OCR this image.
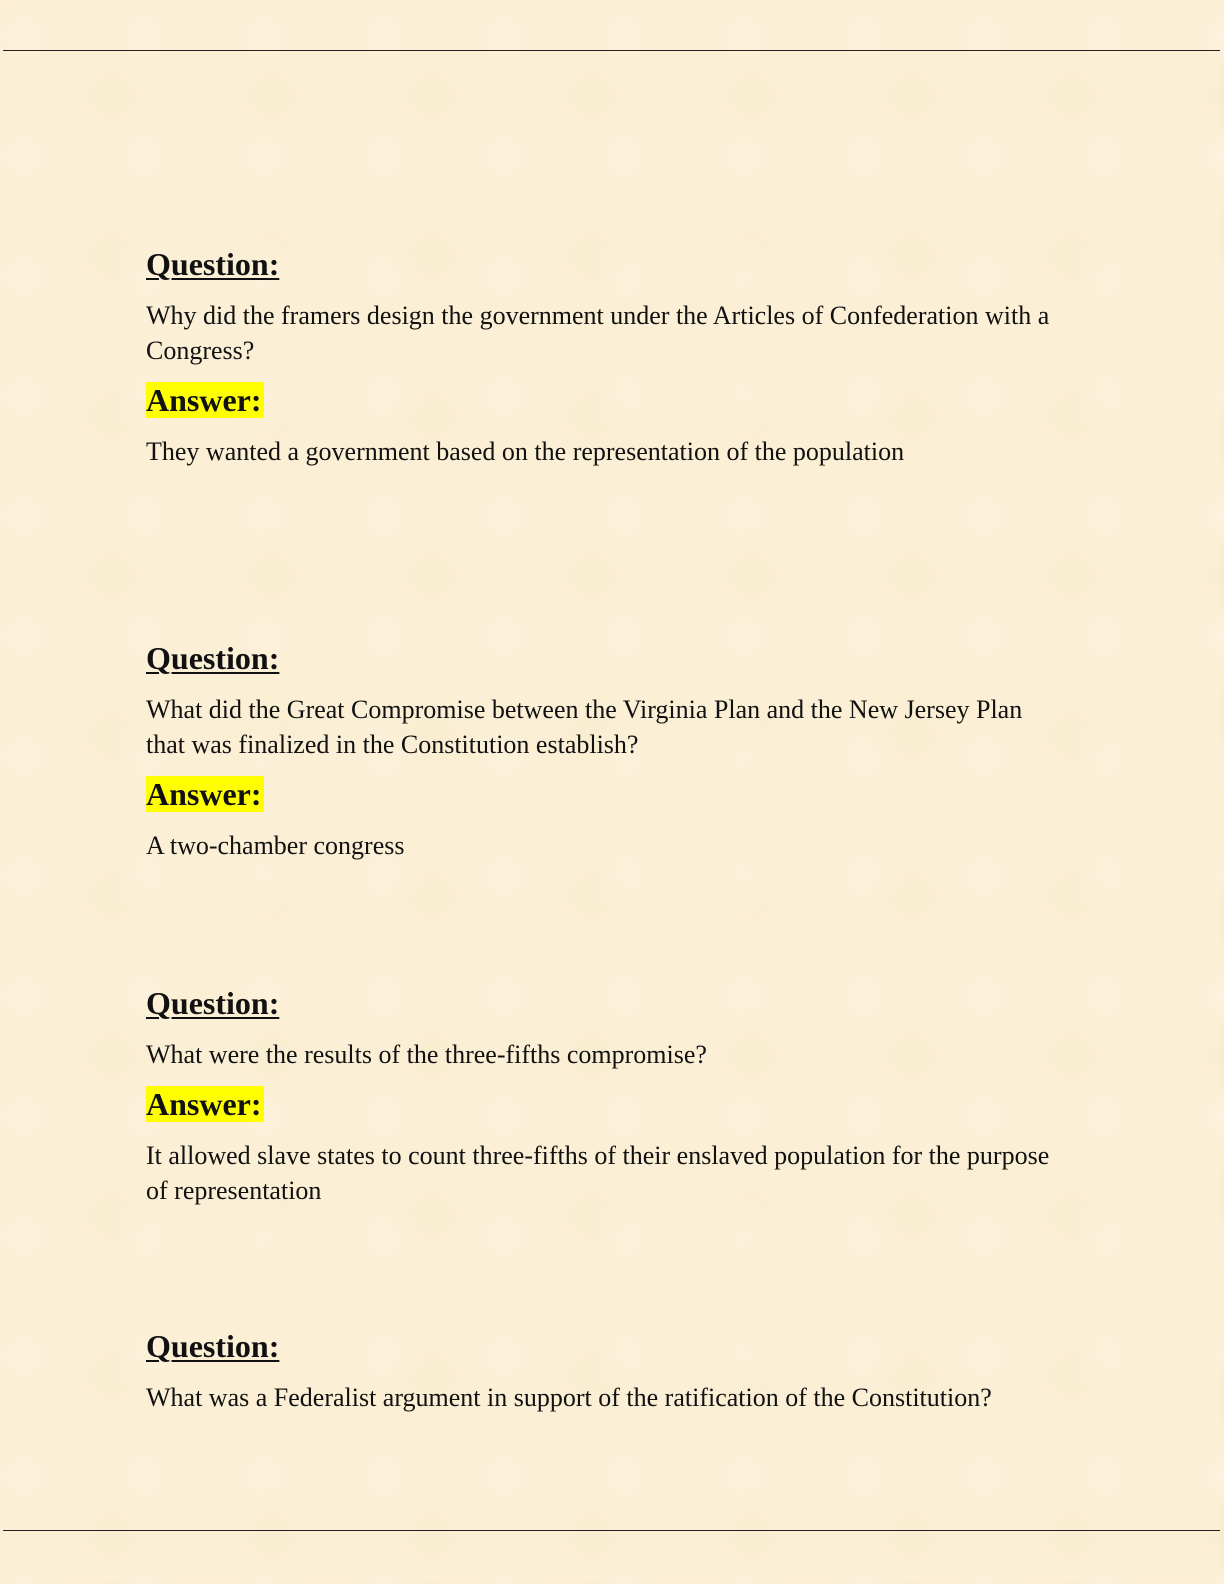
Question:
Why did the framers design the government under the Articles of Confederation with a Congress?
Answer:
They wanted a government based on the representation of the population
Question:
What did the Great Compromise between the Virginia Plan and the New Jersey Plan that was finalized in the Constitution establish?
Answer:
A two-chamber congress
Question:
What were the results of the three-fifths compromise?
Answer:
It allowed slave states to count three-fifths of their enslaved population for the purpose of representation
Question:
What was a Federalist argument in support of the ratification of the Constitution?
